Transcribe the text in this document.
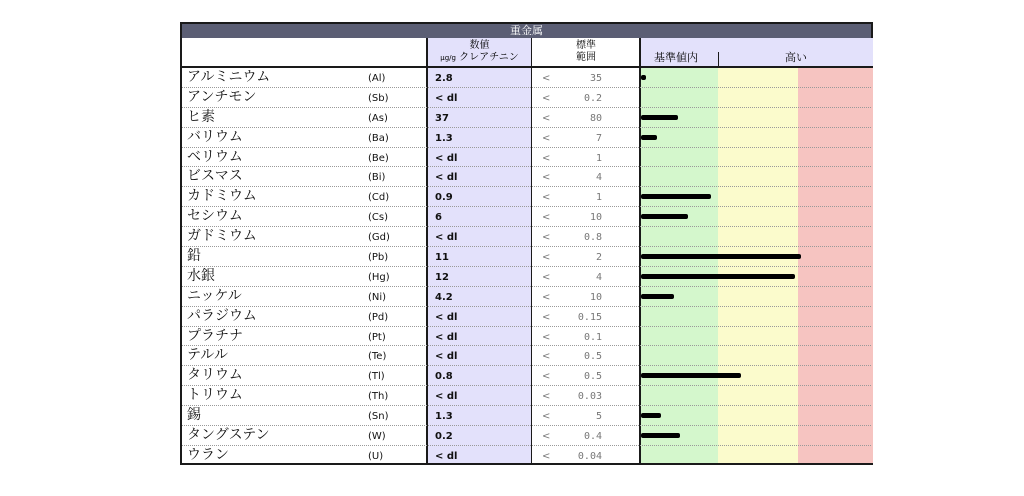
重金属
数値
µg/g クレアチニン
標準
範囲	基準値内	高い
アルミニウム	(Al)	2.8	<	35
アンチモン	(Sb)	< dl	<	0.2
ヒ素	(As)	37	<	80
バリウム	(Ba)	1.3	<	7
ベリウム	(Be)	< dl	<	1
ビスマス	(Bi)	< dl	<	4
カドミウム	(Cd)	0.9	<	1
セシウム	(Cs)	6	<	10
ガドミウム	(Gd)	< dl	<	0.8
鉛	(Pb)	11	<	2
水銀	(Hg)	12	<	4
ニッケル	(Ni)	4.2	<	10
パラジウム	(Pd)	< dl	<	0.15
プラチナ	(Pt)	< dl	<	0.1
テルル	(Te)	< dl	<	0.5
タリウム	(Tl)	0.8	<	0.5
トリウム	(Th)	< dl	<	0.03
錫	(Sn)	1.3	<	5
タングステン	(W)	0.2	<	0.4
ウラン	(U)	< dl	<	0.04
